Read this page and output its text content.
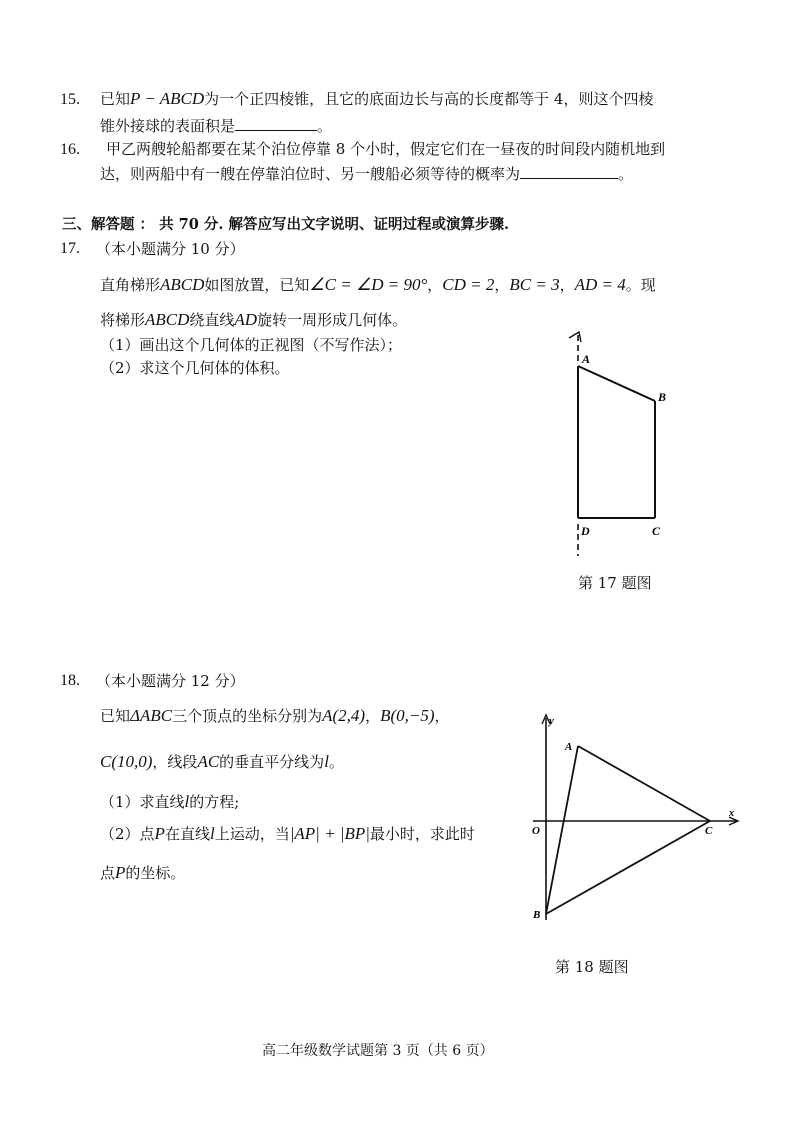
15. 已知P − ABCD为一个正四棱锥，且它的底面边长与高的长度都等于 4，则这个四棱
锥外接球的表面积是	。
16. 甲乙两艘轮船都要在某个泊位停靠 8 个小时，假定它们在一昼夜的时间段内随机地到
达，则两船中有一艘在停靠泊位时、另一艘船必须等待的概率为	。
三、解答题 ： 共 70 分. 解答应写出文字说明、证明过程或演算步骤.
17. （本小题满分 10 分）
直角梯形ABCD如图放置，已知∠C = ∠D = 90°，CD = 2，BC = 3，AD = 4。现
将梯形ABCD绕直线AD旋转一周形成几何体。
（1）画出这个几何体的正视图（不写作法）；
（2）求这个几何体的体积。	A
B
C
D
第 17 题图
18. （本小题满分 12 分）
已知ΔABC三个顶点的坐标分别为A(2,4)，B(0,−5)，
C(10,0)，线段AC的垂直平分线为l。
（1）求直线l的方程;
（2）点P在直线l上运动，当|AP| + |BP|最小时，求此时
点P的坐标。
y
x
O
A
B
C
第 18 题图
高二年级数学试题第 3 页（共 6 页）
